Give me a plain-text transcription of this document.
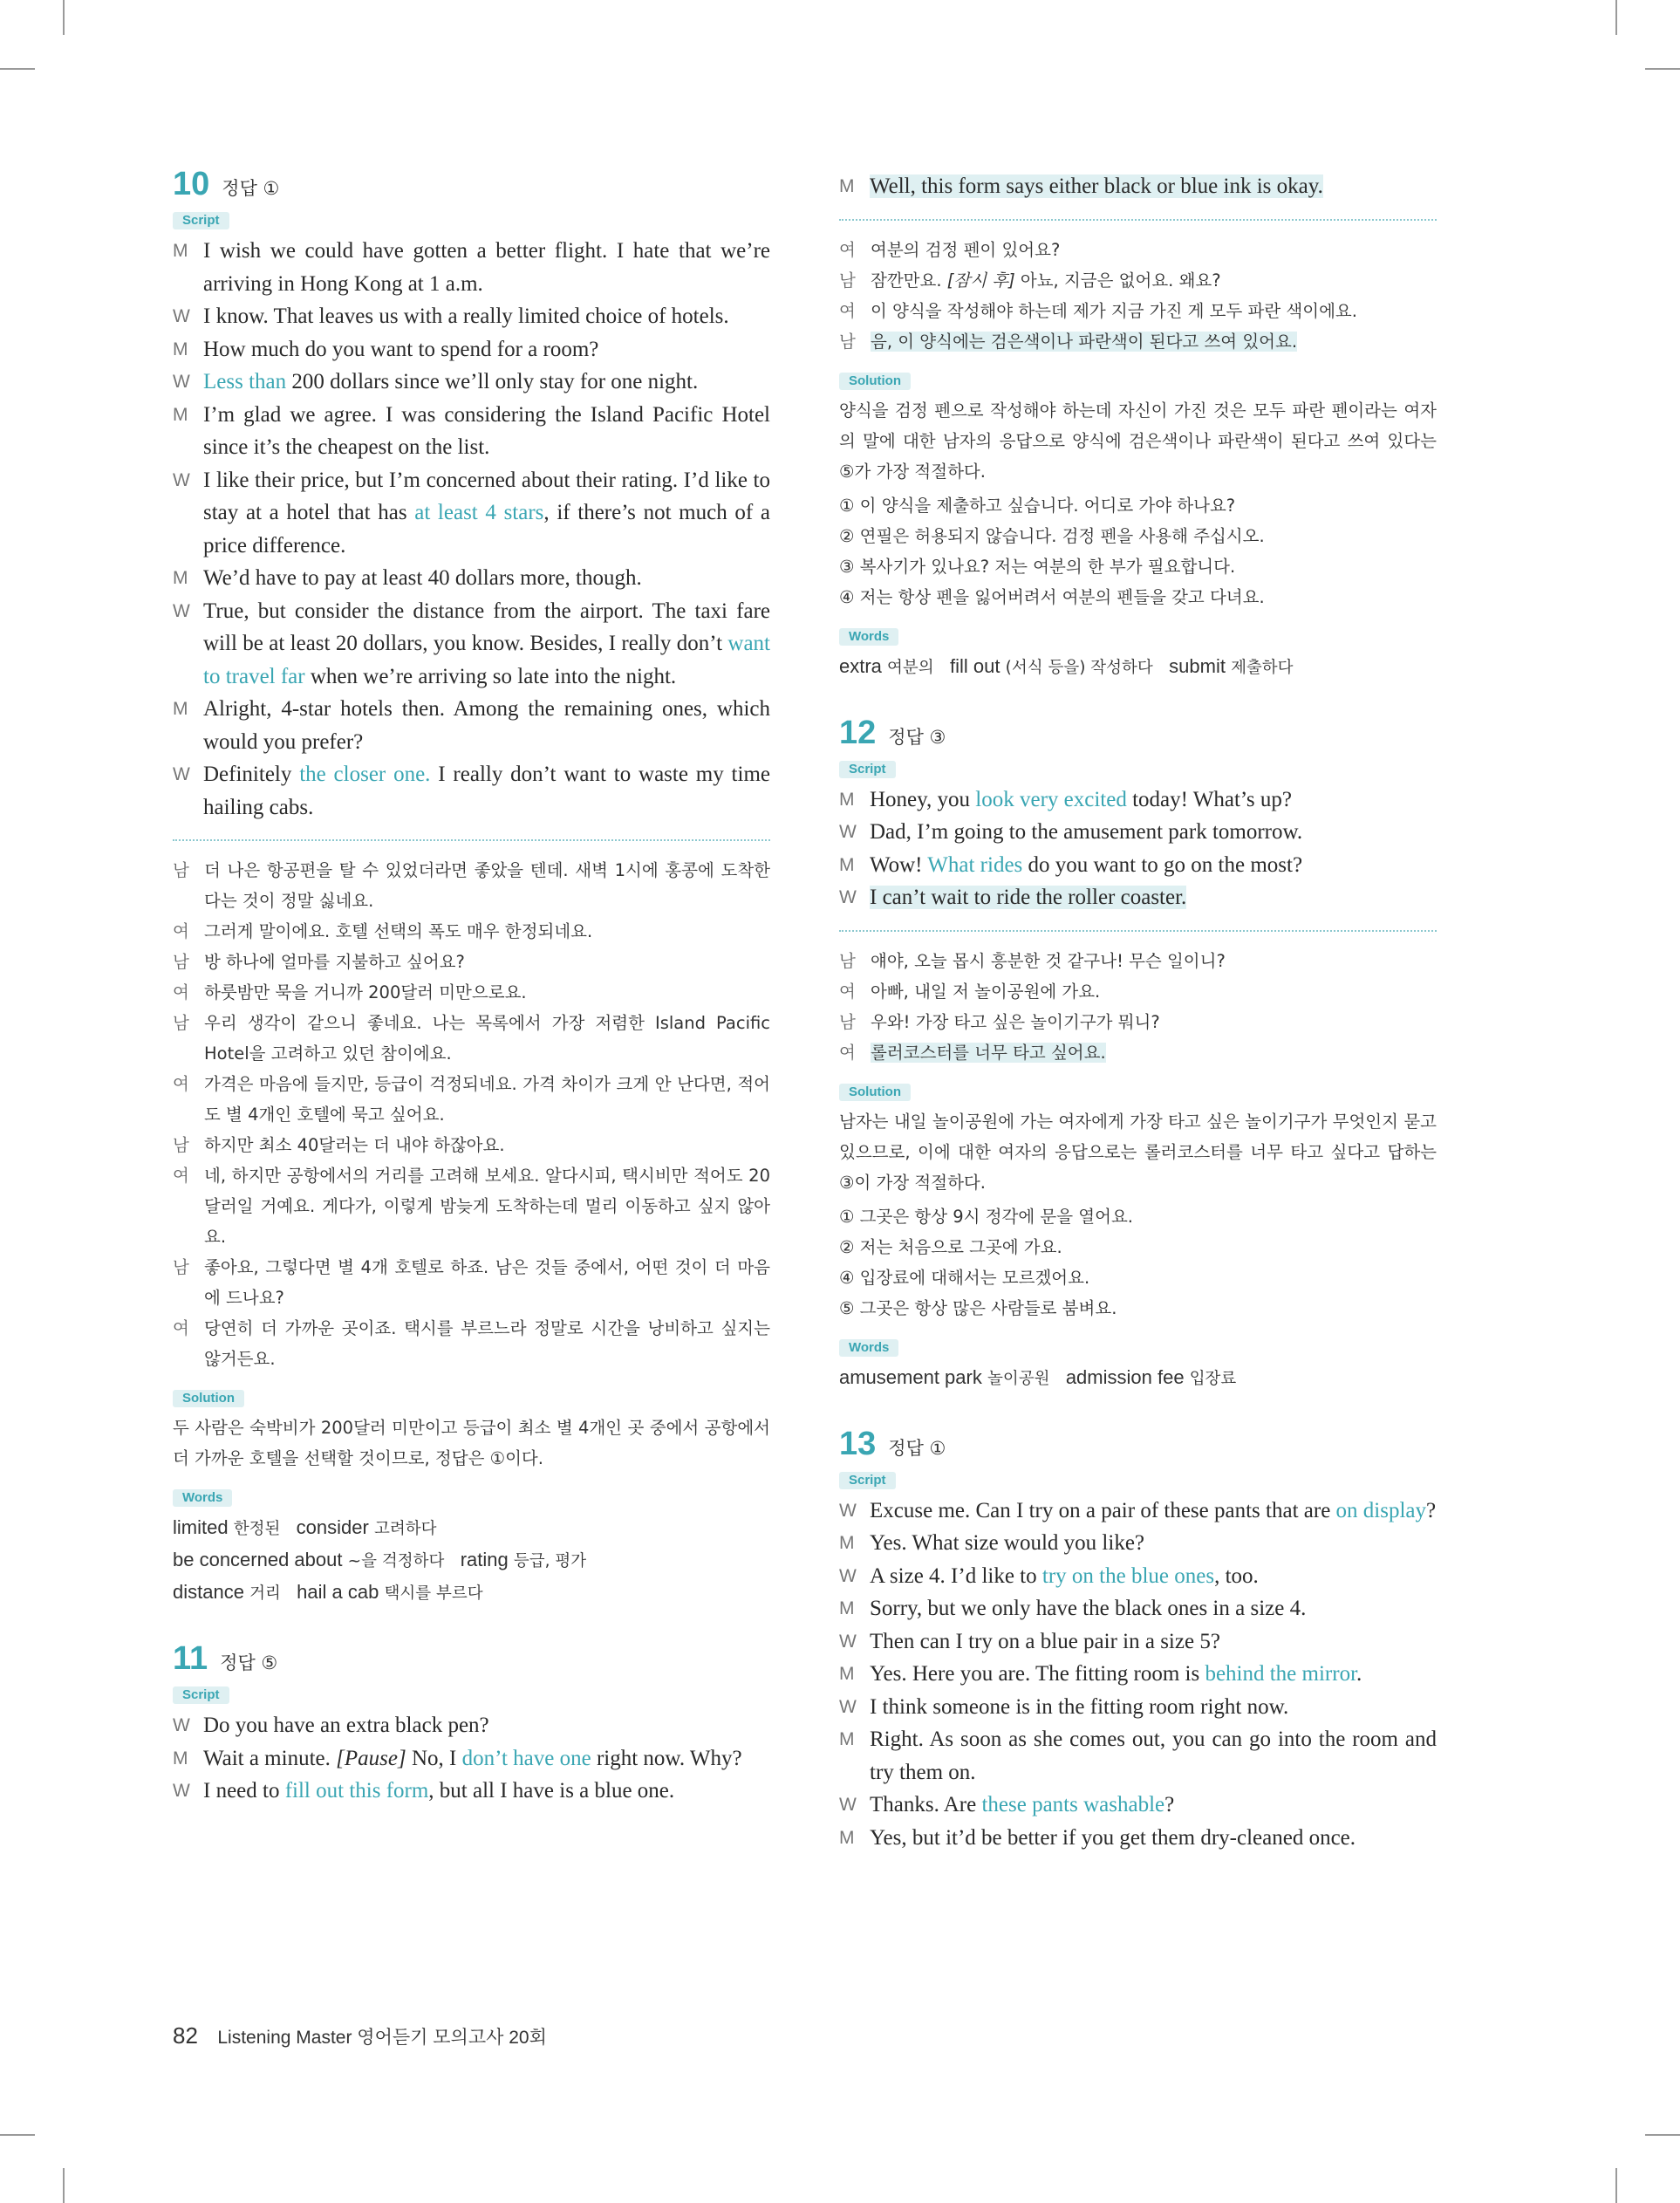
10 정답 ①
Script
M I wish we could have gotten a better flight. I hate that we’re arriving in Hong Kong at 1 a.m.
W I know. That leaves us with a really limited choice of hotels.
M How much do you want to spend for a room?
W Less than 200 dollars since we’ll only stay for one night.
M I’m glad we agree. I was considering the Island Pacific Hotel since it’s the cheapest on the list.
W I like their price, but I’m concerned about their rating. I’d like to stay at a hotel that has at least 4 stars, if there’s not much of a price difference.
M We’d have to pay at least 40 dollars more, though.
W True, but consider the distance from the airport. The taxi fare will be at least 20 dollars, you know. Besides, I really don’t want to travel far when we’re arriving so late into the night.
M Alright, 4-star hotels then. Among the remaining ones, which would you prefer?
W Definitely the closer one. I really don’t want to waste my time hailing cabs.
남 더 나은 항공편을 탈 수 있었더라면 좋았을 텐데. 새벽 1시에 홍콩에 도착한다는 것이 정말 싫네요.
여 그러게 말이에요. 호텔 선택의 폭도 매우 한정되네요.
남 방 하나에 얼마를 지불하고 싶어요?
여 하룻밤만 묵을 거니까 200달러 미만으로요.
남 우리 생각이 같으니 좋네요. 나는 목록에서 가장 저렴한 Island Pacific Hotel을 고려하고 있던 참이에요.
여 가격은 마음에 들지만, 등급이 걱정되네요. 가격 차이가 크게 안 난다면, 적어도 별 4개인 호텔에 묵고 싶어요.
남 하지만 최소 40달러는 더 내야 하잖아요.
여 네, 하지만 공항에서의 거리를 고려해 보세요. 알다시피, 택시비만 적어도 20달러일 거예요. 게다가, 이렇게 밤늦게 도착하는데 멀리 이동하고 싶지 않아요.
남 좋아요, 그렇다면 별 4개 호텔로 하죠. 남은 것들 중에서, 어떤 것이 더 마음에 드나요?
여 당연히 더 가까운 곳이죠. 택시를 부르느라 정말로 시간을 낭비하고 싶지는 않거든요.
Solution

두 사람은 숙박비가 200달러 미만이고 등급이 최소 별 4개인 곳 중에서 공항에서 더 가까운 호텔을 선택할 것이므로, 정답은 ①이다.

Words

limited 한정된 consider 고려하다

be concerned about ~을 걱정하다 rating 등급, 평가

distance 거리 hail a cab 택시를 부르다

11 정답 ⑤
Script
W Do you have an extra black pen?
M Wait a minute. [Pause] No, I don’t have one right now. Why?
W I need to fill out this form, but all I have is a blue one.
M Well, this form says either black or blue ink is okay.
여 여분의 검정 펜이 있어요?
남 잠깐만요. [잠시 후] 아뇨, 지금은 없어요. 왜요?
여 이 양식을 작성해야 하는데 제가 지금 가진 게 모두 파란 색이에요.
남 음, 이 양식에는 검은색이나 파란색이 된다고 쓰여 있어요.
Solution

양식을 검정 펜으로 작성해야 하는데 자신이 가진 것은 모두 파란 펜이라는 여자의 말에 대한 남자의 응답으로 양식에 검은색이나 파란색이 된다고 쓰여 있다는 ⑤가 가장 적절하다.

① 이 양식을 제출하고 싶습니다. 어디로 가야 하나요?

② 연필은 허용되지 않습니다. 검정 펜을 사용해 주십시오.

③ 복사기가 있나요? 저는 여분의 한 부가 필요합니다.

④ 저는 항상 펜을 잃어버려서 여분의 펜들을 갖고 다녀요.

Words

extra 여분의 fill out (서식 등을) 작성하다 submit 제출하다

12 정답 ③
Script
M Honey, you look very excited today! What’s up?
W Dad, I’m going to the amusement park tomorrow.
M Wow! What rides do you want to go on the most?
W I can’t wait to ride the roller coaster.
남 얘야, 오늘 몹시 흥분한 것 같구나! 무슨 일이니?
여 아빠, 내일 저 놀이공원에 가요.
남 우와! 가장 타고 싶은 놀이기구가 뭐니?
여 롤러코스터를 너무 타고 싶어요.
Solution

남자는 내일 놀이공원에 가는 여자에게 가장 타고 싶은 놀이기구가 무엇인지 묻고 있으므로, 이에 대한 여자의 응답으로는 롤러코스터를 너무 타고 싶다고 답하는 ③이 가장 적절하다.

① 그곳은 항상 9시 정각에 문을 열어요.

② 저는 처음으로 그곳에 가요.

④ 입장료에 대해서는 모르겠어요.

⑤ 그곳은 항상 많은 사람들로 붐벼요.

Words

amusement park 놀이공원 admission fee 입장료

13 정답 ①
Script
W Excuse me. Can I try on a pair of these pants that are on display?
M Yes. What size would you like?
W A size 4. I’d like to try on the blue ones, too.
M Sorry, but we only have the black ones in a size 4.
W Then can I try on a blue pair in a size 5?
M Yes. Here you are. The fitting room is behind the mirror.
W I think someone is in the fitting room right now.
M Right. As soon as she comes out, you can go into the room and try them on.
W Thanks. Are these pants washable?
M Yes, but it’d be better if you get them dry-cleaned once.
82 Listening Master 영어듣기 모의고사 20회
